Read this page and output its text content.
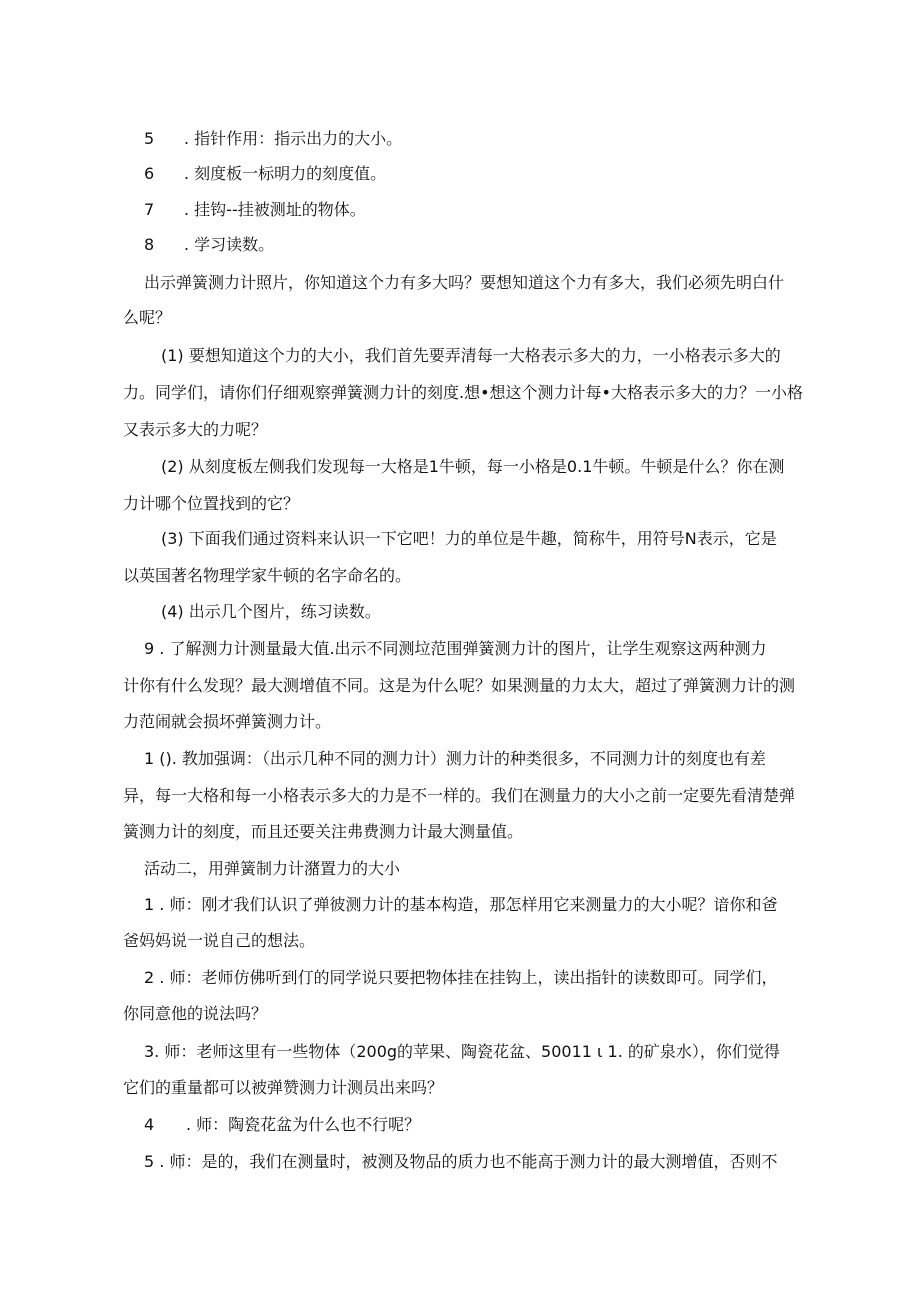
5 . 指针作用：指示出力的大小。
6 . 刻度板一标明力的刻度值。
7 . 挂钩--挂被测址的物体。
8 . 学习读数。
出示弹簧测力计照片，你知道这个力有多大吗？要想知道这个力有多大，我们必须先明白什
么呢？
(1) 要想知道这个力的大小，我们首先要弄清每一大格表示多大的力，一小格表示多大的
力。同学们，请你们仔细观察弹簧测力计的刻度.想•想这个测力计每•大格表示多大的力？一小格
又表示多大的力呢？
(2) 从刻度板左侧我们发现每一大格是1牛顿，每一小格是0.1牛顿。牛顿是什么？你在测
力计哪个位置找到的它？
(3) 下面我们通过资料来认识一下它吧！力的单位是牛趣，简称牛，用符号N表示，它是
以英国著名物理学家牛顿的名字命名的。
(4) 出示几个图片，练习读数。
9 . 了解测力计测量最大值.出示不同测垃范围弹簧测力计的图片，让学生观察这两种测力
计你有什么发现？最大测增值不同。这是为什么呢？如果测量的力太大，超过了弹簧测力计的测
力范闹就会损坏弹簧测力计。
1 (). 教加强调：（出示几种不同的测力计）测力计的种类很多，不同测力计的刻度也有差
异，每一大格和每一小格表示多大的力是不一样的。我们在测量力的大小之前一定要先看清楚弹
簧测力计的刻度，而且还要关注弗费测力计最大测量值。
活动二，用弹簧制力计潴置力的大小
1 . 师：刚才我们认识了弹彼测力计的基本构造，那怎样用它来测量力的大小呢？谙你和爸
爸妈妈说一说自己的想法。
2 . 师：老师仿佛听到仃的同学说只要把物体挂在挂钩上，读出指针的读数即可。同学们，
你同意他的说法吗？
3. 师：老师这里有一些物体（200g的苹果、陶瓷花盆、50011 ι 1. 的矿泉水），你们觉得
它们的重量都可以被弹赞测力计测员出来吗？
4 . 师：陶瓷花盆为什么也不行呢？
5 . 师：是的，我们在测量时，被测及物品的质力也不能高于测力计的最大测增值，否则不
